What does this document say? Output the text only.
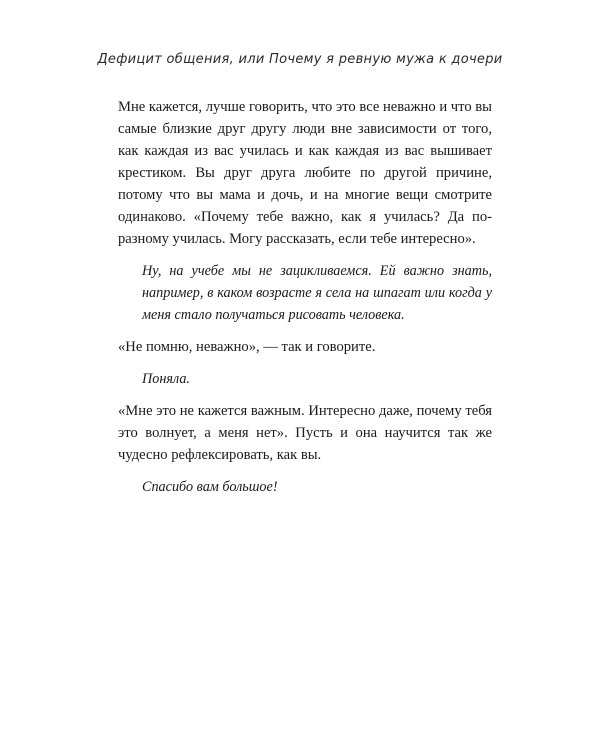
Дефицит общения, или Почему я ревную мужа к дочери

Мне кажется, лучше говорить, что это все неважно и что вы самые близкие друг другу люди вне зависимости от того, как каждая из вас училась и как каждая из вас вышивает крестиком. Вы друг друга любите по другой причине, потому что вы мама и дочь, и на многие вещи смотрите одинаково. «Почему тебе важно, как я училась? Да по-разному училась. Могу рассказать, если тебе интересно».

Ну, на учебе мы не зацикливаемся. Ей важно знать, например, в каком возрасте я села на шпагат или когда у меня стало получаться рисовать человека.

«Не помню, неважно», — так и говорите.

Поняла.

«Мне это не кажется важным. Интересно даже, почему тебя это волнует, а меня нет». Пусть и она научится так же чудесно рефлексировать, как вы.

Спасибо вам большое!
